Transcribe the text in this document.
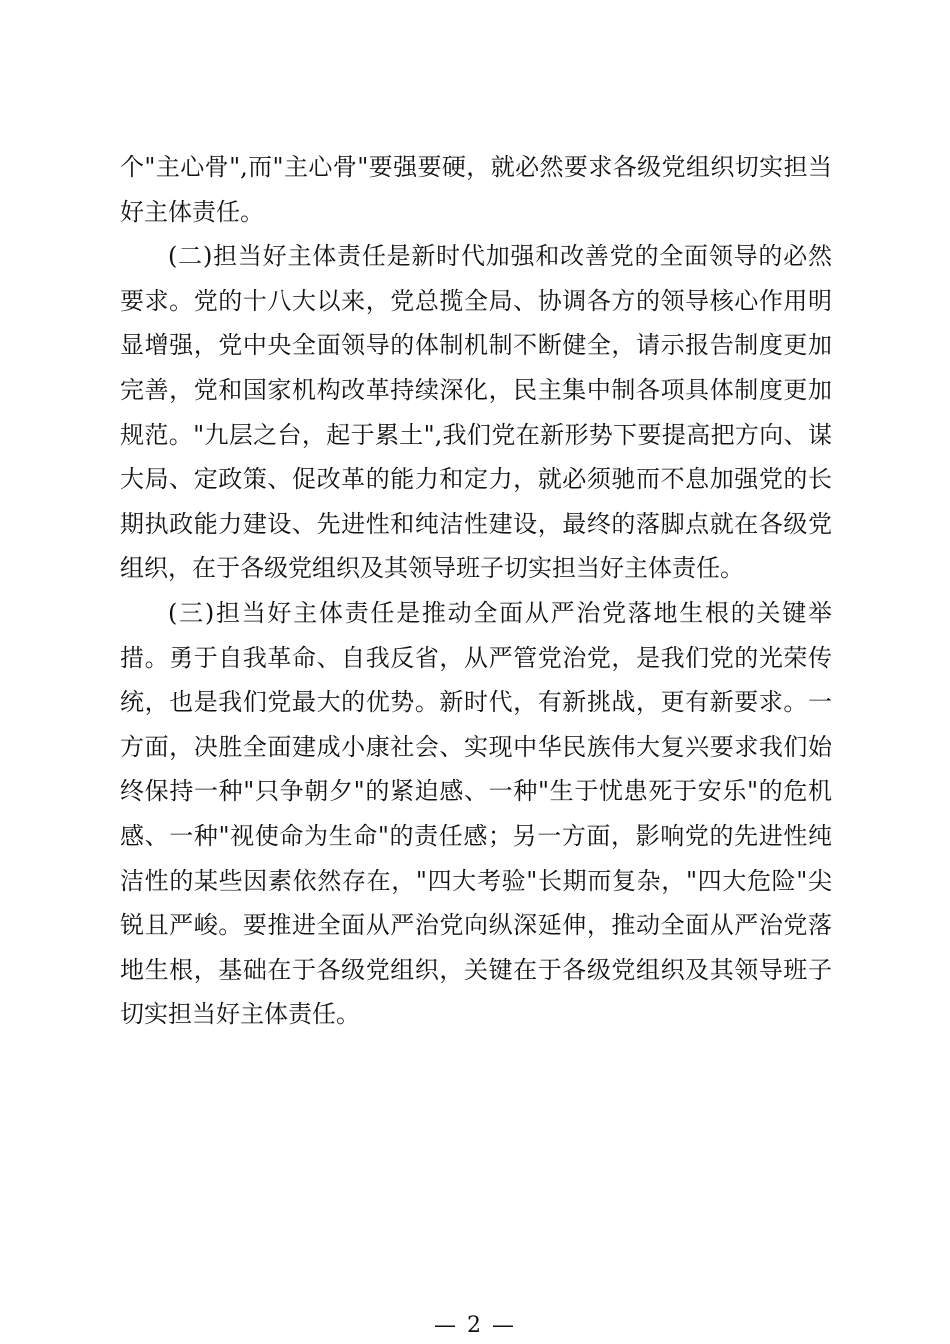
个"主心骨",而"主心骨"要强要硬，就必然要求各级党组织切实担当好主体责任。

(二)担当好主体责任是新时代加强和改善党的全面领导的必然要求。党的十八大以来，党总揽全局、协调各方的领导核心作用明显增强，党中央全面领导的体制机制不断健全，请示报告制度更加完善，党和国家机构改革持续深化，民主集中制各项具体制度更加规范。"九层之台，起于累土",我们党在新形势下要提高把方向、谋大局、定政策、促改革的能力和定力，就必须驰而不息加强党的长期执政能力建设、先进性和纯洁性建设，最终的落脚点就在各级党组织，在于各级党组织及其领导班子切实担当好主体责任。

(三)担当好主体责任是推动全面从严治党落地生根的关键举措。勇于自我革命、自我反省，从严管党治党，是我们党的光荣传统，也是我们党最大的优势。新时代，有新挑战，更有新要求。一方面，决胜全面建成小康社会、实现中华民族伟大复兴要求我们始终保持一种"只争朝夕"的紧迫感、一种"生于忧患死于安乐"的危机感、一种"视使命为生命"的责任感；另一方面，影响党的先进性纯洁性的某些因素依然存在，"四大考验"长期而复杂，"四大危险"尖锐且严峻。要推进全面从严治党向纵深延伸，推动全面从严治党落地生根，基础在于各级党组织，关键在于各级党组织及其领导班子切实担当好主体责任。

— 2 —
